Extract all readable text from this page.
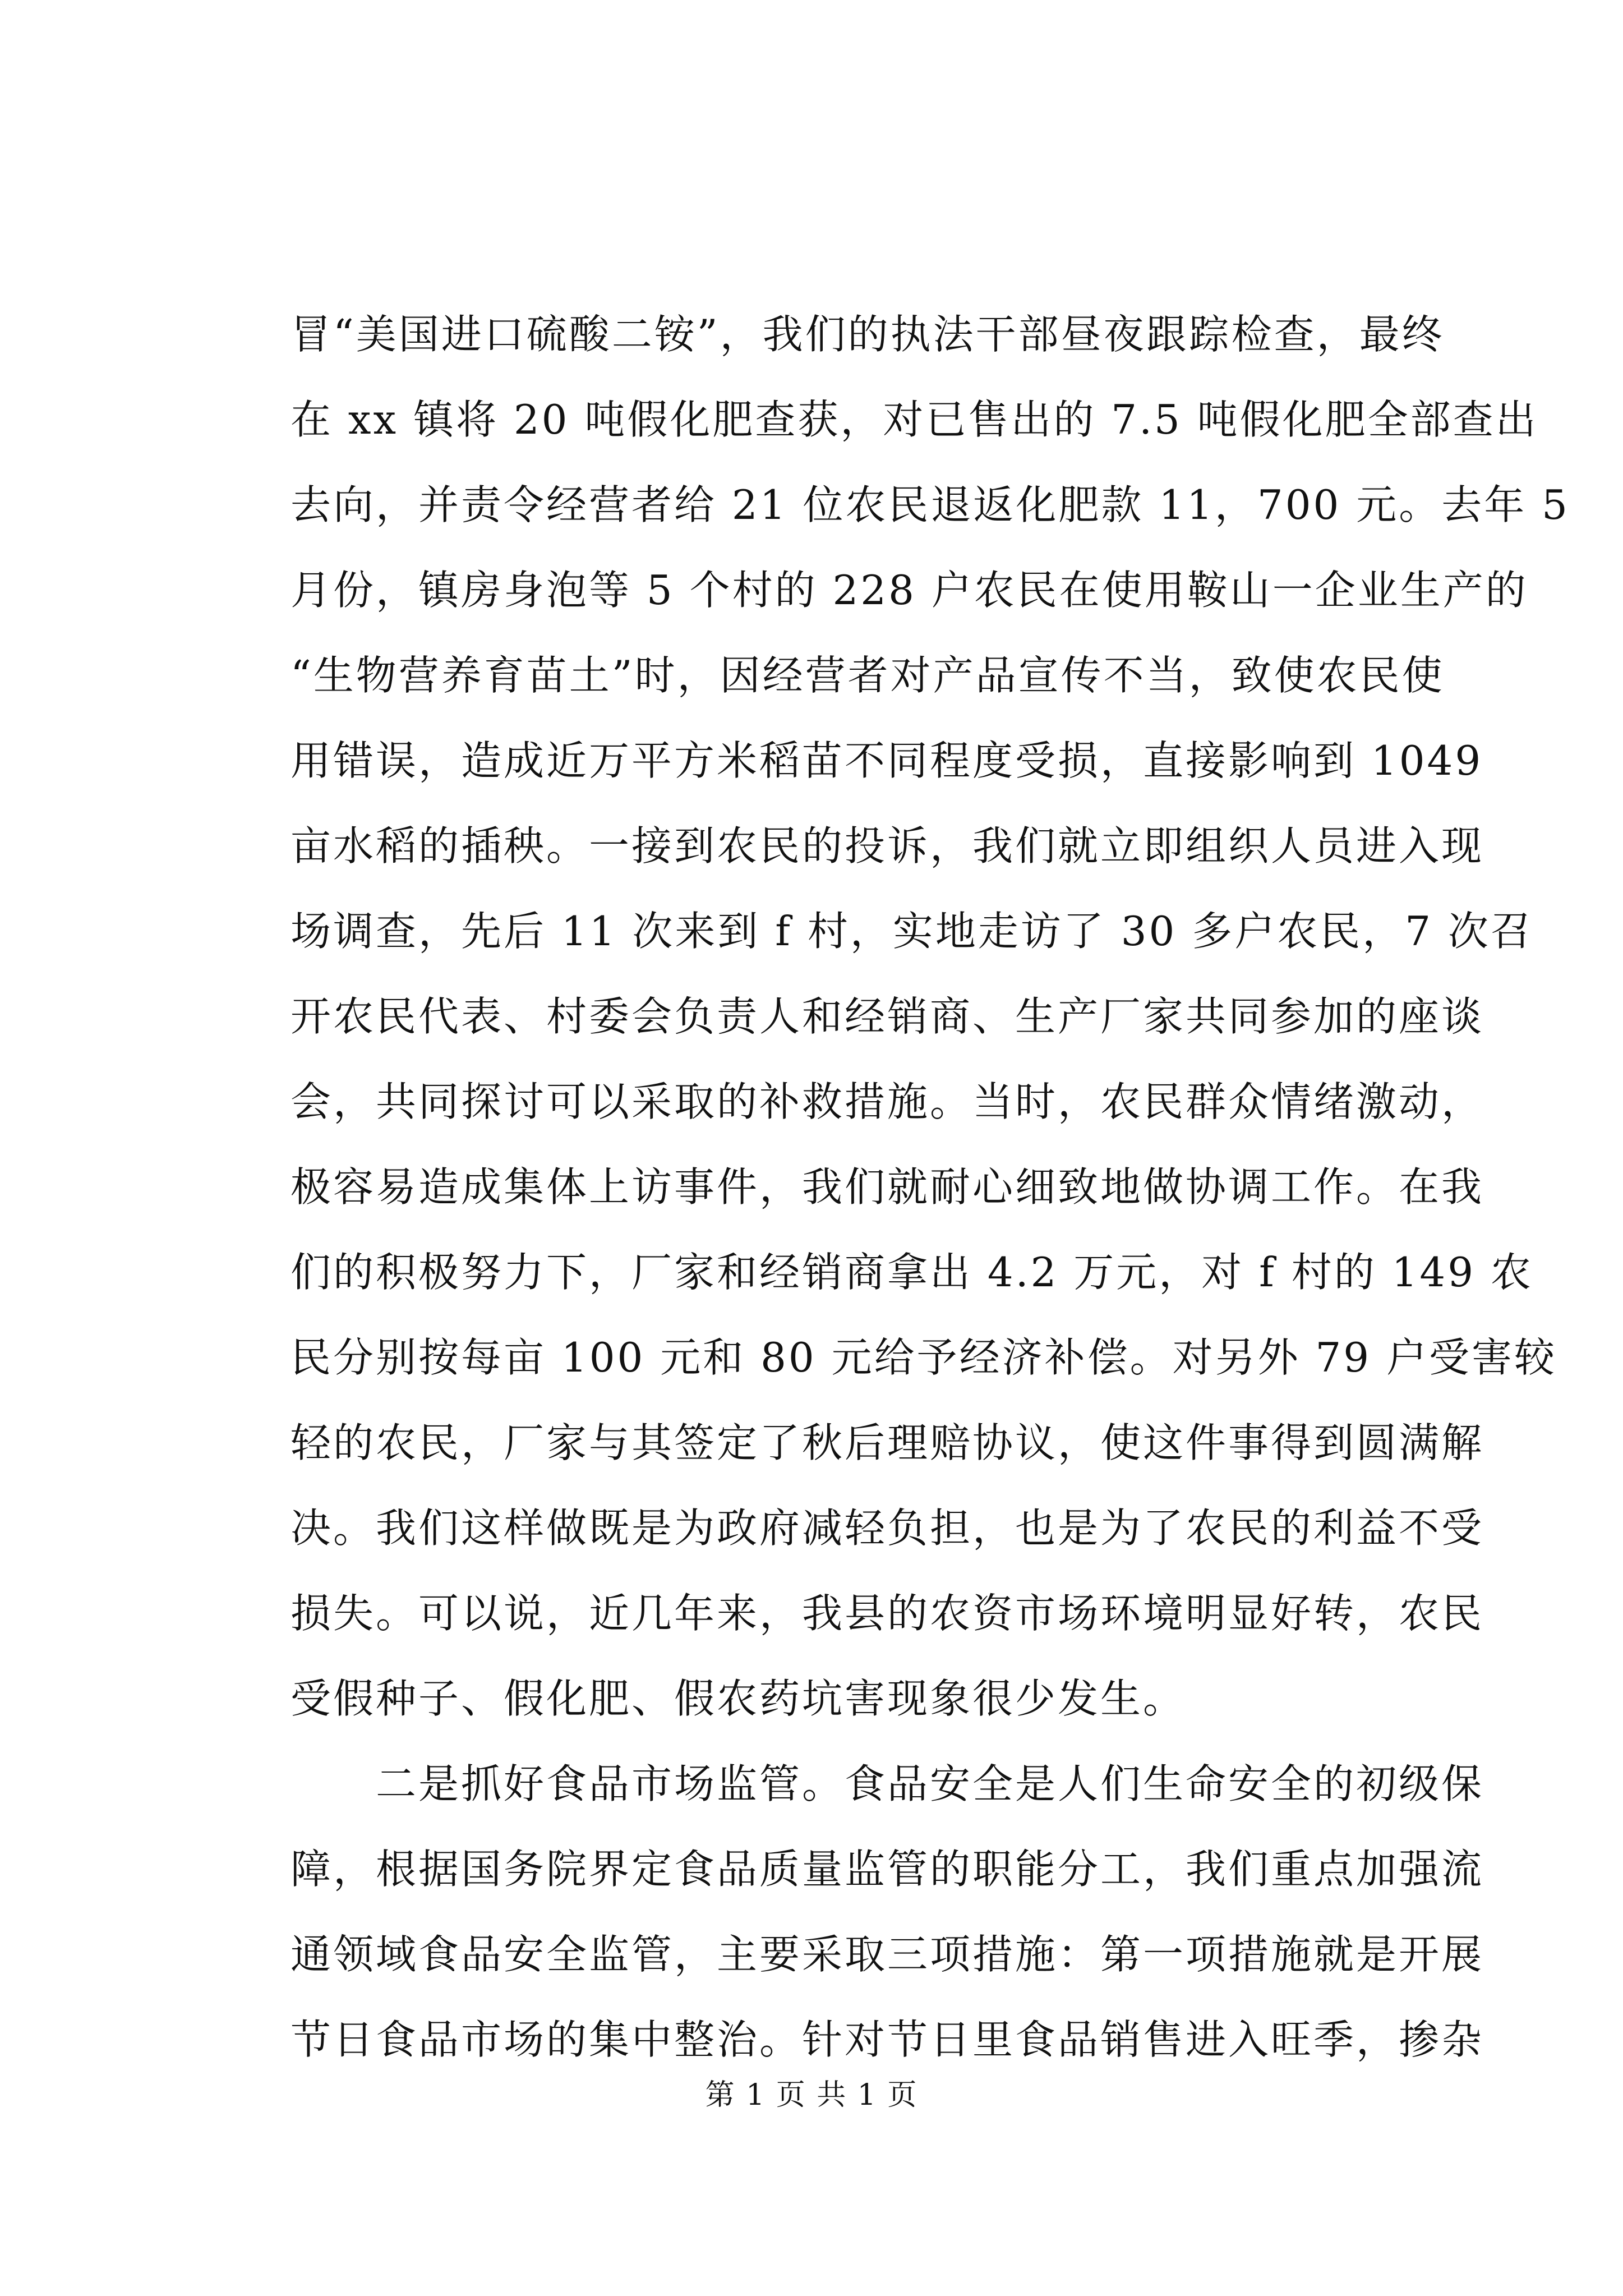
冒“美国进口硫酸二铵”，我们的执法干部昼夜跟踪检查，最终
在 xx 镇将 20 吨假化肥查获，对已售出的 7.5 吨假化肥全部查出
去向，并责令经营者给 21 位农民退返化肥款 11，700 元。去年 5
月份，镇房身泡等 5 个村的 228 户农民在使用鞍山一企业生产的
“生物营养育苗土”时，因经营者对产品宣传不当，致使农民使
用错误，造成近万平方米稻苗不同程度受损，直接影响到 1049
亩水稻的插秧。一接到农民的投诉，我们就立即组织人员进入现
场调查，先后 11 次来到 f 村，实地走访了 30 多户农民，7 次召
开农民代表、村委会负责人和经销商、生产厂家共同参加的座谈
会，共同探讨可以采取的补救措施。当时，农民群众情绪激动，
极容易造成集体上访事件，我们就耐心细致地做协调工作。在我
们的积极努力下，厂家和经销商拿出 4.2 万元，对 f 村的 149 农
民分别按每亩 100 元和 80 元给予经济补偿。对另外 79 户受害较
轻的农民，厂家与其签定了秋后理赔协议，使这件事得到圆满解
决。我们这样做既是为政府减轻负担，也是为了农民的利益不受
损失。可以说，近几年来，我县的农资市场环境明显好转，农民
受假种子、假化肥、假农药坑害现象很少发生。
　　二是抓好食品市场监管。食品安全是人们生命安全的初级保
障，根据国务院界定食品质量监管的职能分工，我们重点加强流
通领域食品安全监管，主要采取三项措施：第一项措施就是开展
节日食品市场的集中整治。针对节日里食品销售进入旺季，掺杂
第 1 页 共 1 页
